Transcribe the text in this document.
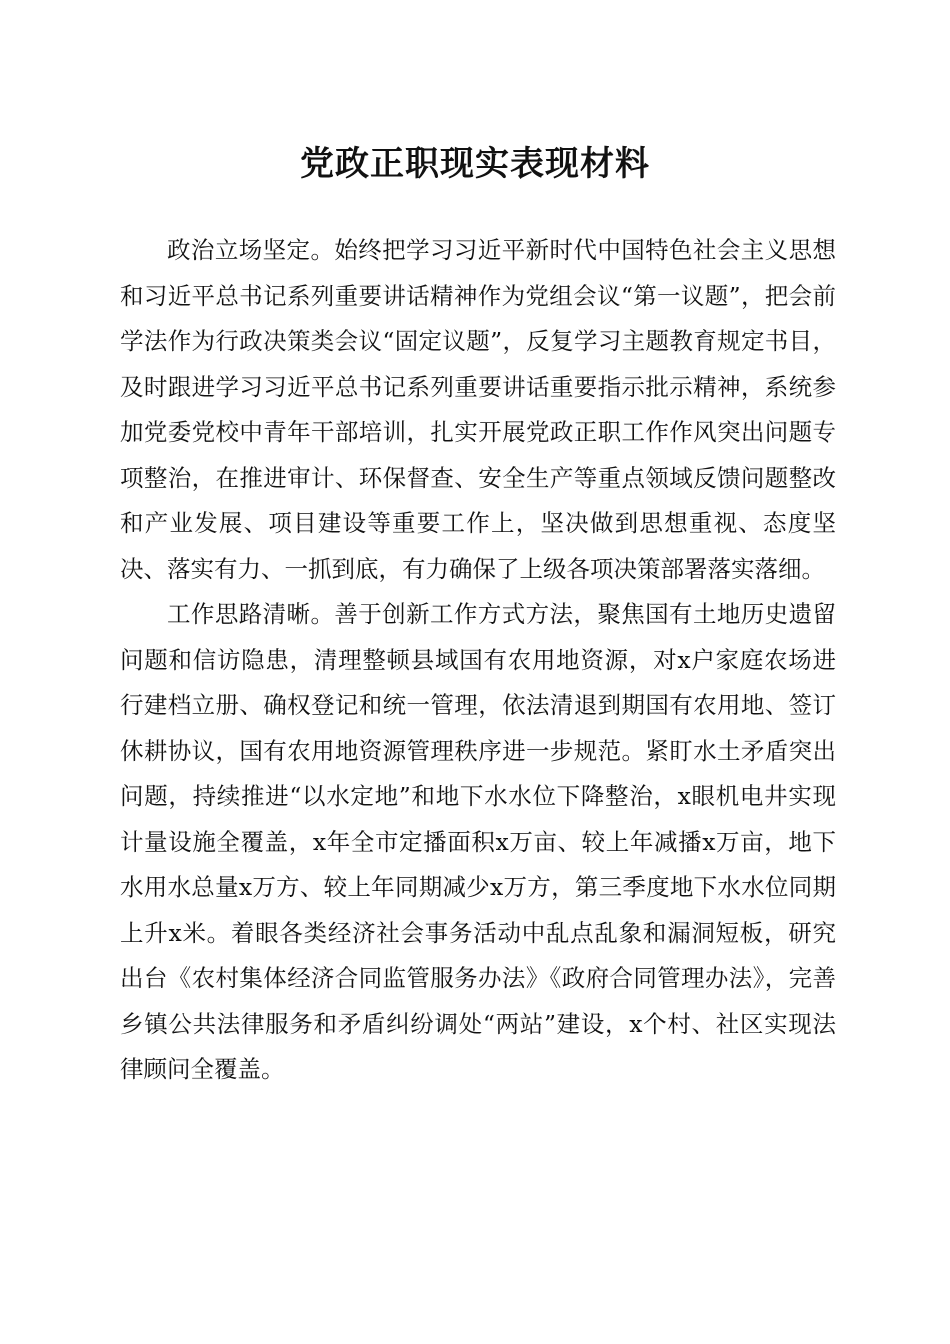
党政正职现实表现材料

政治立场坚定。始终把学习习近平新时代中国特色社会主义思想和习近平总书记系列重要讲话精神作为党组会议“第一议题”，把会前学法作为行政决策类会议“固定议题”，反复学习主题教育规定书目，及时跟进学习习近平总书记系列重要讲话重要指示批示精神，系统参加党委党校中青年干部培训，扎实开展党政正职工作作风突出问题专项整治，在推进审计、环保督查、安全生产等重点领域反馈问题整改和产业发展、项目建设等重要工作上，坚决做到思想重视、态度坚决、落实有力、一抓到底，有力确保了上级各项决策部署落实落细。

工作思路清晰。善于创新工作方式方法，聚焦国有土地历史遗留问题和信访隐患，清理整顿县域国有农用地资源，对x户家庭农场进行建档立册、确权登记和统一管理，依法清退到期国有农用地、签订休耕协议，国有农用地资源管理秩序进一步规范。紧盯水土矛盾突出问题，持续推进“以水定地”和地下水水位下降整治，x眼机电井实现计量设施全覆盖，x年全市定播面积x万亩、较上年减播x万亩，地下水用水总量x万方、较上年同期减少x万方，第三季度地下水水位同期上升x米。着眼各类经济社会事务活动中乱点乱象和漏洞短板，研究出台《农村集体经济合同监管服务办法》《政府合同管理办法》，完善乡镇公共法律服务和矛盾纠纷调处“两站”建设，x个村、社区实现法律顾问全覆盖。
